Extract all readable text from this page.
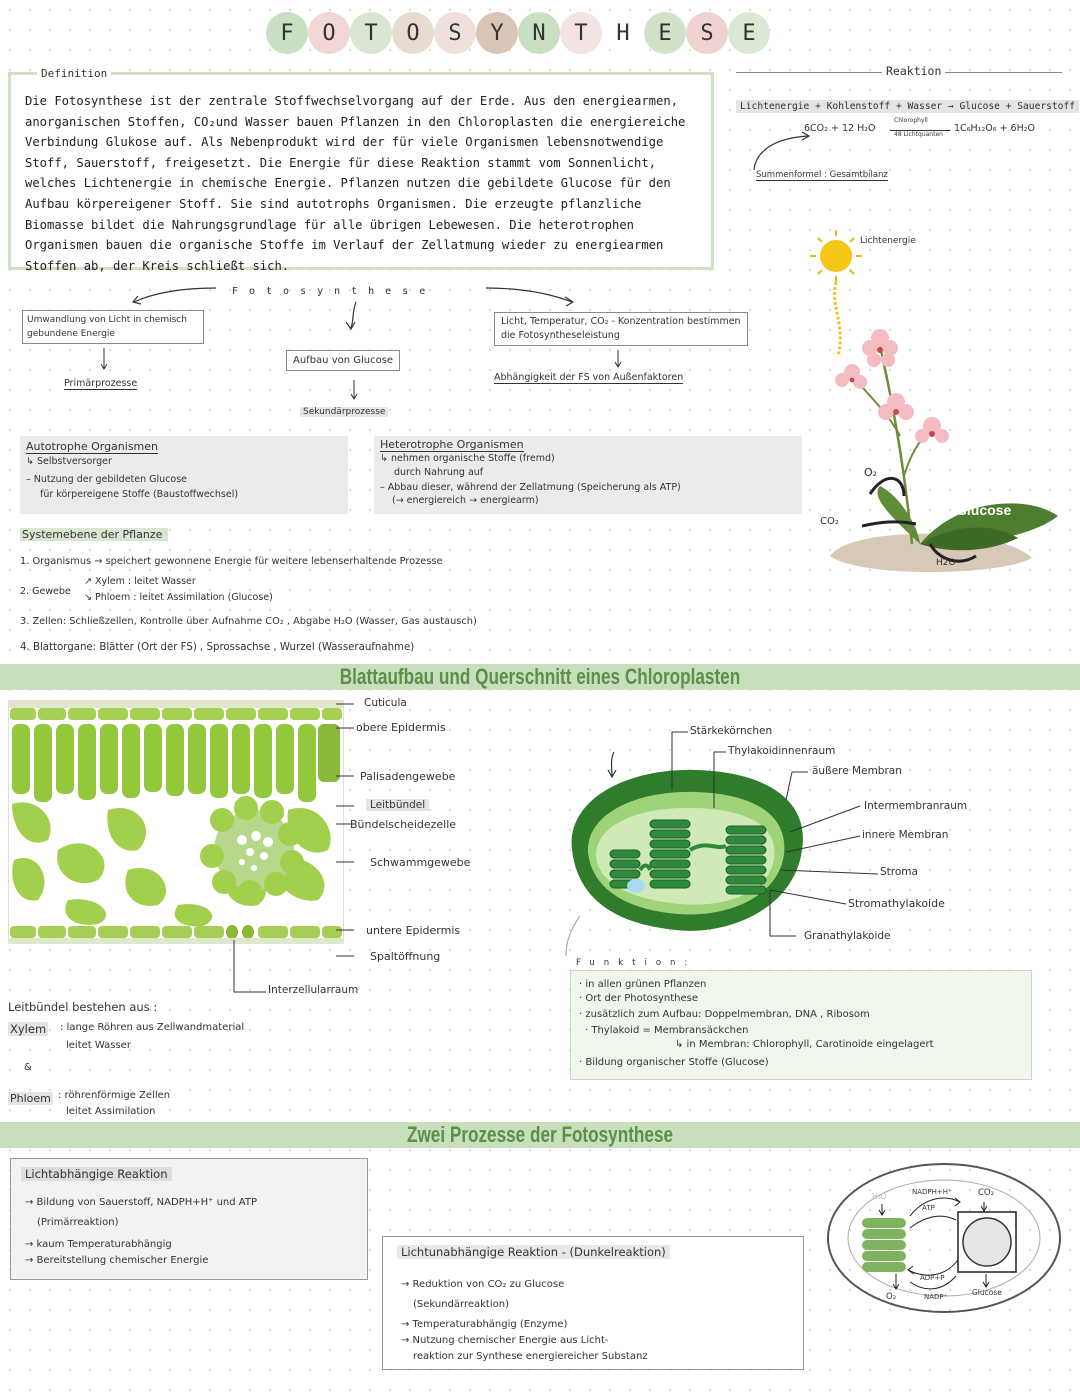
F	O	T	O	S	Y	N	T	H	E	S	E
Definition
Die Fotosynthese ist der zentrale Stoffwechselvorgang auf der Erde. Aus den energiearmen, anorganischen Stoffen, CO₂und Wasser bauen Pflanzen in den Chloroplasten die energiereiche Verbindung Glukose auf. Als Nebenprodukt wird der für viele Organismen lebensnotwendige Stoff, Sauerstoff, freigesetzt. Die Energie für diese Reaktion stammt vom Sonnenlicht, welches Lichtenergie in chemische Energie. Pflanzen nutzen die gebildete Glucose für den Aufbau körpereigener Stoff. Sie sind autotrophs Organismen. Die erzeugte pflanzliche Biomasse bildet die Nahrungsgrundlage für alle übrigen Lebewesen. Die heterotrophen Organismen bauen die organische Stoffe im Verlauf der Zellatmung wieder zu energiearmen Stoffen ab, der Kreis schließt sich.
Reaktion
Lichtenergie + Kohlenstoff + Wasser → Glucose + Sauerstoff
6CO₂ + 12 H₂O
Chlorophyll
48 Lichtquanten
1C₆H₁₂O₆ + 6H₂O
Summenformel : Gesamtbilanz
Lichtenergie
O₂
CO₂
Glucose
H2O
Fotosynthese
Umwandlung von Licht in chemisch gebundene Energie
Primärprozesse
Aufbau von Glucose
Sekundärprozesse
Licht, Temperatur, CO₂ - Konzentration bestimmen die Fotosyntheseleistung
Abhängigkeit der FS von Außenfaktoren
Autotrophe Organismen
↳ Selbstversorger
– Nutzung der gebildeten Glucose
für körpereigene Stoffe (Baustoffwechsel)
Heterotrophe Organismen
↳ nehmen organische Stoffe (fremd)
durch Nahrung auf
– Abbau dieser, während der Zellatmung (Speicherung als ATP)
(→ energiereich → energiearm)
Systemebene der Pflanze
1. Organismus → speichert gewonnene Energie für weitere lebenserhaltende Prozesse
2. Gewebe
↗ Xylem : leitet Wasser
↘ Phloem : leitet Assimilation (Glucose)
3. Zellen: Schließzellen, Kontrolle über Aufnahme CO₂ , Abgabe H₂O (Wasser, Gas austausch)
4. Blattorgane: Blätter (Ort der FS) , Sprossachse , Wurzel (Wasseraufnahme)
Blattaufbau und Querschnitt eines Chloroplasten
Cuticula
obere Epidermis
Palisadengewebe
Leitbündel
Bündelscheidezelle
Schwammgewebe
untere Epidermis
Spaltöffnung
Interzellularraum
Leitbündel bestehen aus :
Xylem : lange Röhren aus Zellwandmaterial
leitet Wasser
&
Phloem : röhrenförmige Zellen
leitet Assimilation
Stärkekörnchen
Thylakoidinnenraum
äußere Membran
Intermembranraum
innere Membran
Stroma
Stromathylakoide
Granathylakoide
Funktion:
· in allen grünen Pflanzen
· Ort der Photosynthese
· zusätzlich zum Aufbau: Doppelmembran, DNA , Ribosom
· Thylakoid = Membransäckchen
↳ in Membran: Chlorophyll, Carotinoide eingelagert
· Bildung organischer Stoffe (Glucose)
Zwei Prozesse der Fotosynthese
Lichtabhängige Reaktion
→ Bildung von Sauerstoff, NADPH+H⁺ und ATP
(Primärreaktion)
→ kaum Temperaturabhängig
→ Bereitstellung chemischer Energie
Lichtunabhängige Reaktion - (Dunkelreaktion)
→ Reduktion von CO₂ zu Glucose
(Sekundärreaktion)
→ Temperaturabhängig (Enzyme)
→ Nutzung chemischer Energie aus Licht-
reaktion zur Synthese energiereicher Substanz
H₂O	NADPH+H⁺
ATP
CO₂
ADP+P
NADP⁺
O₂	Glucose
